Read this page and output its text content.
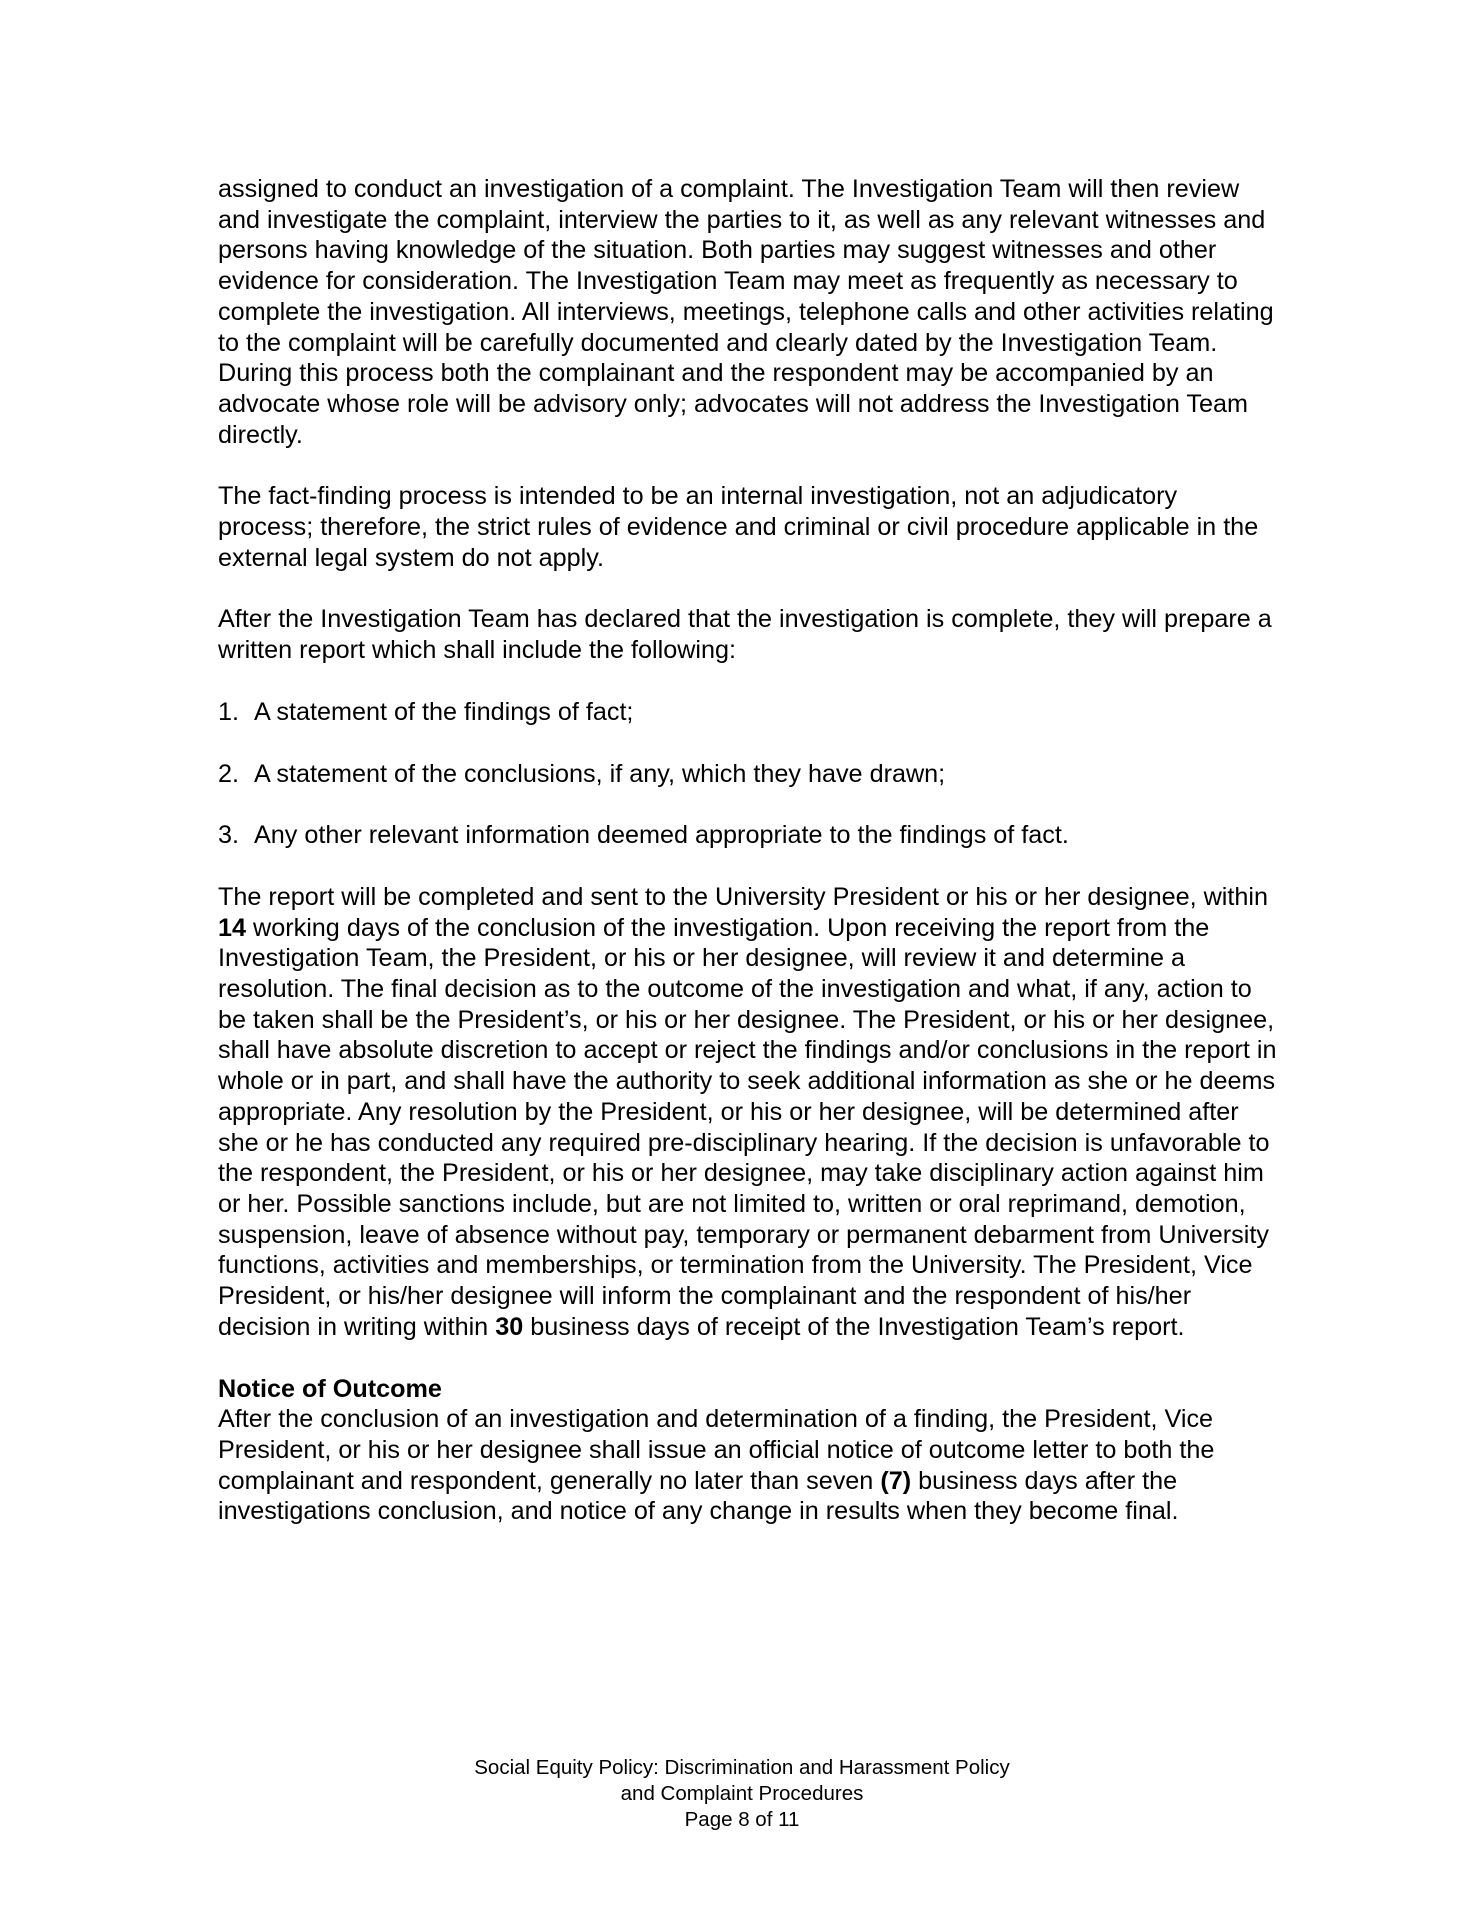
assigned to conduct an investigation of a complaint. The Investigation Team will then review and investigate the complaint, interview the parties to it, as well as any relevant witnesses and persons having knowledge of the situation. Both parties may suggest witnesses and other evidence for consideration. The Investigation Team may meet as frequently as necessary to complete the investigation. All interviews, meetings, telephone calls and other activities relating to the complaint will be carefully documented and clearly dated by the Investigation Team. During this process both the complainant and the respondent may be accompanied by an advocate whose role will be advisory only; advocates will not address the Investigation Team directly.

The fact-finding process is intended to be an internal investigation, not an adjudicatory process; therefore, the strict rules of evidence and criminal or civil procedure applicable in the external legal system do not apply.

After the Investigation Team has declared that the investigation is complete, they will prepare a written report which shall include the following:

1. A statement of the findings of fact;
2. A statement of the conclusions, if any, which they have drawn;
3. Any other relevant information deemed appropriate to the findings of fact.

The report will be completed and sent to the University President or his or her designee, within 14 working days of the conclusion of the investigation. Upon receiving the report from the Investigation Team, the President, or his or her designee, will review it and determine a resolution. The final decision as to the outcome of the investigation and what, if any, action to be taken shall be the President’s, or his or her designee. The President, or his or her designee, shall have absolute discretion to accept or reject the findings and/or conclusions in the report in whole or in part, and shall have the authority to seek additional information as she or he deems appropriate. Any resolution by the President, or his or her designee, will be determined after she or he has conducted any required pre-disciplinary hearing. If the decision is unfavorable to the respondent, the President, or his or her designee, may take disciplinary action against him or her. Possible sanctions include, but are not limited to, written or oral reprimand, demotion, suspension, leave of absence without pay, temporary or permanent debarment from University functions, activities and memberships, or termination from the University. The President, Vice President, or his/her designee will inform the complainant and the respondent of his/her decision in writing within 30 business days of receipt of the Investigation Team’s report.

Notice of Outcome

After the conclusion of an investigation and determination of a finding, the President, Vice President, or his or her designee shall issue an official notice of outcome letter to both the complainant and respondent, generally no later than seven (7) business days after the investigations conclusion, and notice of any change in results when they become final.

Social Equity Policy: Discrimination and Harassment Policy
and Complaint Procedures
Page 8 of 11
